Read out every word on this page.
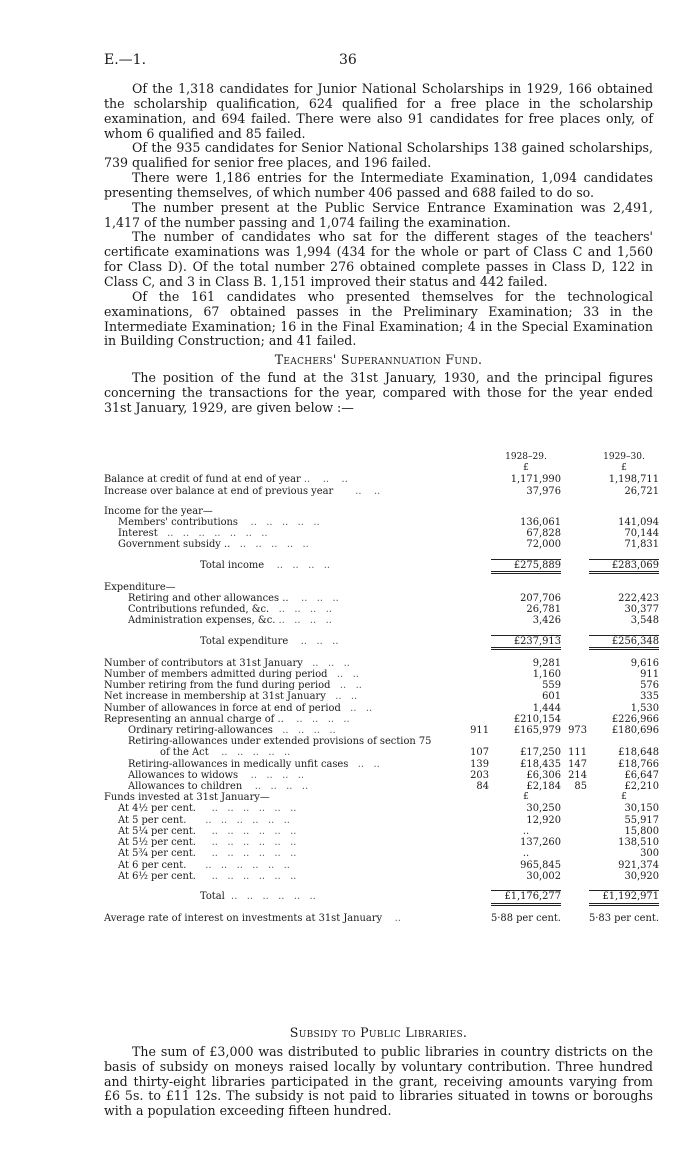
E.—1.	36

Of the 1,318 candidates for Junior National Scholarships in 1929, 166 obtained the scholarship qualification, 624 qualified for a free place in the scholarship examination, and 694 failed. There were also 91 candidates for free places only, of whom 6 qualified and 85 failed.

Of the 935 candidates for Senior National Scholarships 138 gained scholarships, 739 qualified for senior free places, and 196 failed.

There were 1,186 entries for the Intermediate Examination, 1,094 candidates presenting themselves, of which number 406 passed and 688 failed to do so.

The number present at the Public Service Entrance Examination was 2,491, 1,417 of the number passing and 1,074 failing the examination.

The number of candidates who sat for the different stages of the teachers' certificate examinations was 1,994 (434 for the whole or part of Class C and 1,560 for Class D). Of the total number 276 obtained complete passes in Class D, 122 in Class C, and 3 in Class B. 1,151 improved their status and 442 failed.

Of the 161 candidates who presented themselves for the technological examinations, 67 obtained passes in the Preliminary Examination; 33 in the Intermediate Examination; 16 in the Final Examination; 4 in the Special Examination in Building Construction; and 41 failed.

Teachers' Superannuation Fund.

The position of the fund at the 31st January, 1930, and the principal figures concerning the transactions for the year, compared with those for the year ended 31st January, 1929, are given below :—

		1928–29.		1929–30.
		£		£
Balance at credit of fund at end of year ..    ..    ..		1,171,990		1,198,711
Increase over balance at end of previous year       ..    ..		37,976		26,721

Income for the year—				
Members' contributions    ..   ..   ..   ..   ..		136,061		141,094
Interest   ..   ..   ..   ..   ..   ..   ..		67,828		70,144
Government subsidy ..   ..   ..   ..   ..   ..		72,000		71,831

Total income    ..   ..   ..   ..		£275,889		£283,069

Expenditure—				
Retiring and other allowances ..    ..   ..   ..		207,706		222,423
Contributions refunded, &c.   ..   ..   ..   ..		26,781		30,377
Administration expenses, &c. ..   ..   ..   ..		3,426		3,548

Total expenditure    ..   ..   ..		£237,913		£256,348

Number of contributors at 31st January   ..   ..   ..		9,281		9,616
Number of members admitted during period   ..   ..		1,160		911
Number retiring from the fund during period   ..   ..		559		576
Net increase in membership at 31st January   ..   ..		601		335
Number of allowances in force at end of period   ..   ..		1,444		1,530
Representing an annual charge of ..    ..   ..   ..   ..		£210,154		£226,966
Ordinary retiring-allowances   ..   ..   ..   ..	911	£165,979	973	£180,696
Retiring-allowances under extended provisions of section 75				
of the Act    ..   ..   ..   ..   ..	107	£17,250	111	£18,648
Retiring-allowances in medically unfit cases   ..   ..	139	£18,435	147	£18,766
Allowances to widows    ..   ..   ..   ..	203	£6,306	214	£6,647
Allowances to children    ..   ..   ..   ..	84	£2,184	85	£2,210
Funds invested at 31st January—		£		£
At 4½ per cent.     ..   ..   ..   ..   ..   ..		30,250		30,150
At 5 per cent.      ..   ..   ..   ..   ..   ..		12,920		55,917
At 5¼ per cent.     ..   ..   ..   ..   ..   ..		..		15,800
At 5½ per cent.     ..   ..   ..   ..   ..   ..		137,260		138,510
At 5¾ per cent.     ..   ..   ..   ..   ..   ..		..		300
At 6 per cent.      ..   ..   ..   ..   ..   ..		965,845		921,374
At 6½ per cent.     ..   ..   ..   ..   ..   ..		30,002		30,920

Total  ..   ..   ..   ..   ..   ..		£1,176,277		£1,192,971

Average rate of interest on investments at 31st January    ..		5·88 per cent.		5·83 per cent.
Subsidy to Public Libraries.

The sum of £3,000 was distributed to public libraries in country districts on the basis of subsidy on moneys raised locally by voluntary contribution. Three hundred and thirty-eight libraries participated in the grant, receiving amounts varying from £6 5s. to £11 12s. The subsidy is not paid to libraries situated in towns or boroughs with a population exceeding fifteen hundred.
